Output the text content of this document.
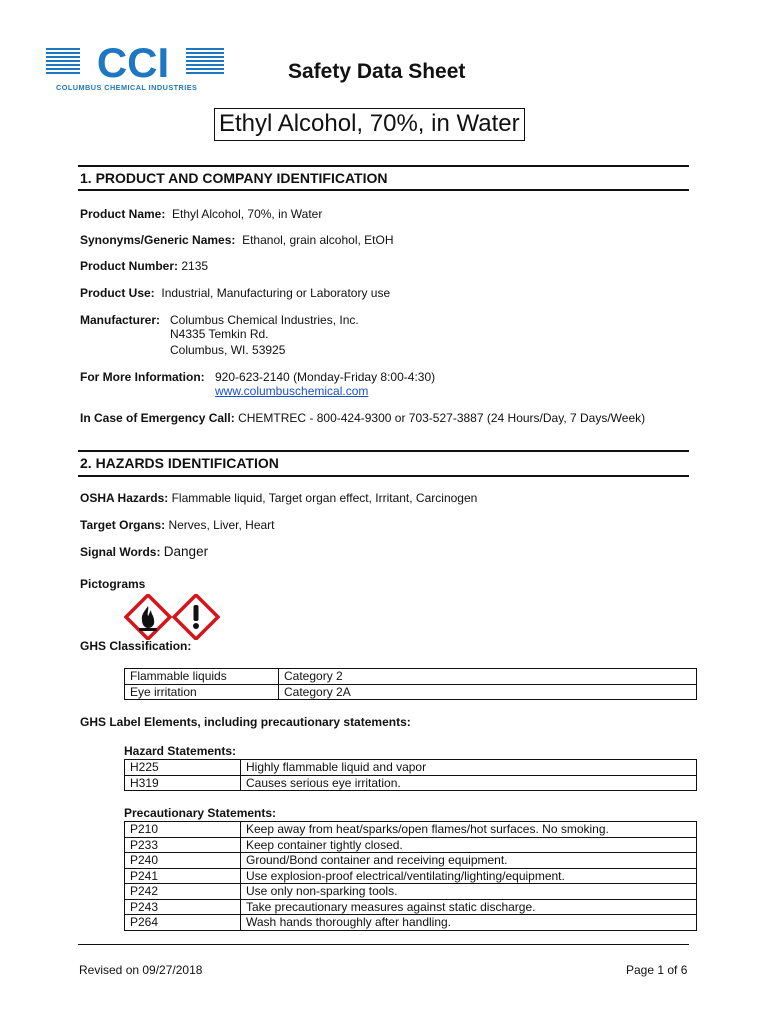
CCI
COLUMBUS CHEMICAL INDUSTRIES
Safety Data Sheet
Ethyl Alcohol, 70%, in Water
1. PRODUCT AND COMPANY IDENTIFICATION
Product Name: Ethyl Alcohol, 70%, in Water
Synonyms/Generic Names: Ethanol, grain alcohol, EtOH
Product Number: 2135
Product Use: Industrial, Manufacturing or Laboratory use
Manufacturer: Columbus Chemical Industries, Inc.
N4335 Temkin Rd.
Columbus, WI. 53925
For More Information: 920-623-2140 (Monday-Friday 8:00-4:30)
www.columbuschemical.com
In Case of Emergency Call: CHEMTREC - 800-424-9300 or 703-527-3887 (24 Hours/Day, 7 Days/Week)
2. HAZARDS IDENTIFICATION
OSHA Hazards: Flammable liquid, Target organ effect, Irritant, Carcinogen
Target Organs: Nerves, Liver, Heart
Signal Words: Danger
Pictograms
GHS Classification:
Flammable liquids	Category 2
Eye irritation	Category 2A
GHS Label Elements, including precautionary statements:
Hazard Statements:
H225	Highly flammable liquid and vapor
H319	Causes serious eye irritation.
Precautionary Statements:
P210	Keep away from heat/sparks/open flames/hot surfaces. No smoking.
P233	Keep container tightly closed.
P240	Ground/Bond container and receiving equipment.
P241	Use explosion-proof electrical/ventilating/lighting/equipment.
P242	Use only non-sparking tools.
P243	Take precautionary measures against static discharge.
P264	Wash hands thoroughly after handling.
Revised on 09/27/2018	Page 1 of 6
